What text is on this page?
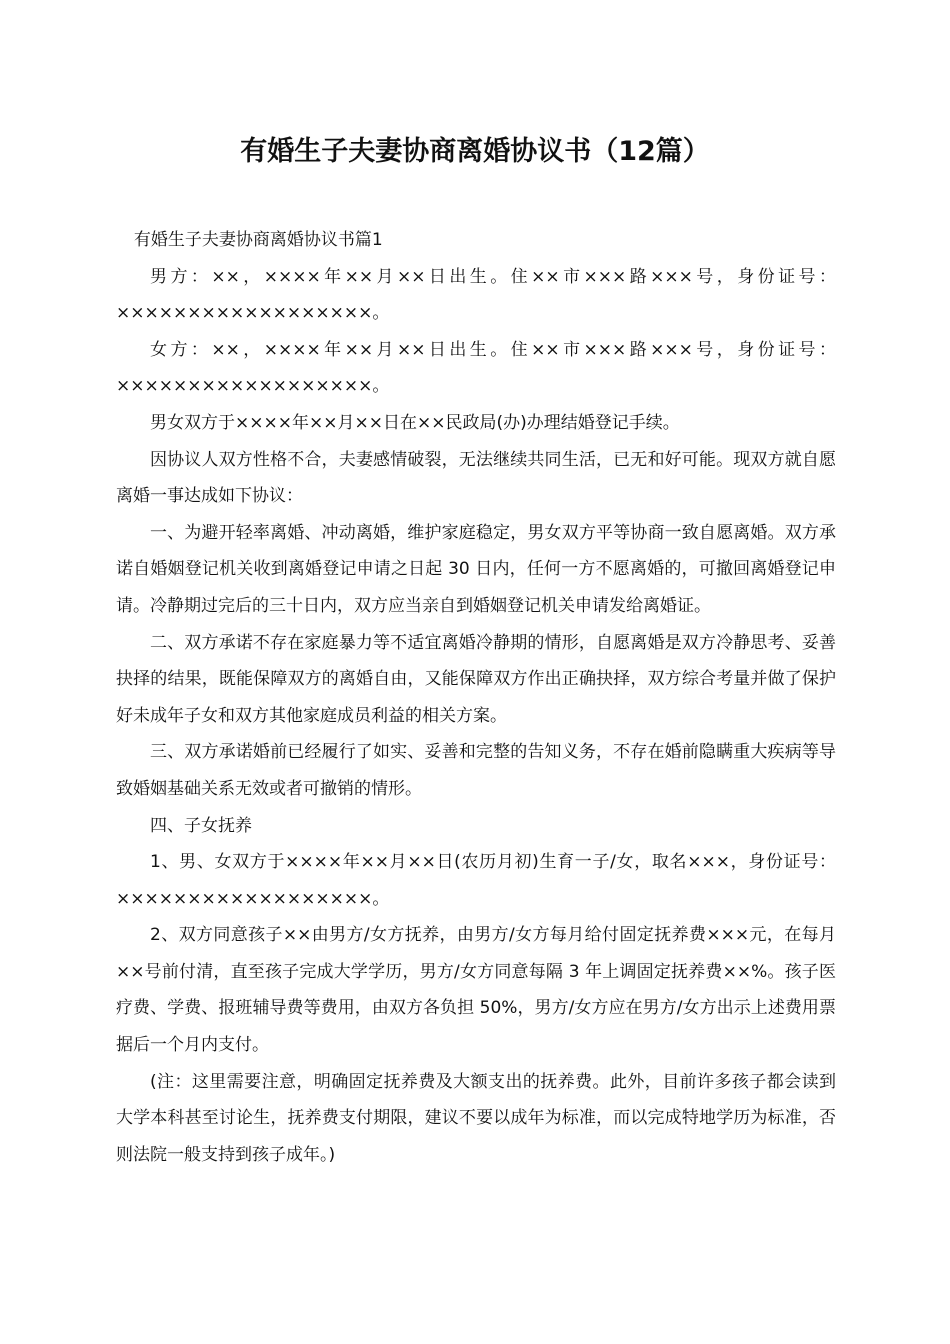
有婚生子夫妻协商离婚协议书（12篇）

有婚生子夫妻协商离婚协议书篇1

男方：××，××××年××月××日出生。住××市×××路×××号，身份证号：××××××××××××××××××。

女方：××，××××年××月××日出生。住××市×××路×××号，身份证号：××××××××××××××××××。

男女双方于××××年××月××日在××民政局(办)办理结婚登记手续。

因协议人双方性格不合，夫妻感情破裂，无法继续共同生活，已无和好可能。现双方就自愿离婚一事达成如下协议：

一、为避开轻率离婚、冲动离婚，维护家庭稳定，男女双方平等协商一致自愿离婚。双方承诺自婚姻登记机关收到离婚登记申请之日起 30 日内，任何一方不愿离婚的，可撤回离婚登记申请。冷静期过完后的三十日内，双方应当亲自到婚姻登记机关申请发给离婚证。

二、双方承诺不存在家庭暴力等不适宜离婚冷静期的情形，自愿离婚是双方冷静思考、妥善抉择的结果，既能保障双方的离婚自由，又能保障双方作出正确抉择，双方综合考量并做了保护好未成年子女和双方其他家庭成员利益的相关方案。

三、双方承诺婚前已经履行了如实、妥善和完整的告知义务，不存在婚前隐瞒重大疾病等导致婚姻基础关系无效或者可撤销的情形。

四、子女抚养

1、男、女双方于××××年××月××日(农历月初)生育一子/女，取名×××，身份证号：××××××××××××××××××。

2、双方同意孩子××由男方/女方抚养，由男方/女方每月给付固定抚养费×××元，在每月××号前付清，直至孩子完成大学学历，男方/女方同意每隔 3 年上调固定抚养费××%。孩子医疗费、学费、报班辅导费等费用，由双方各负担 50%，男方/女方应在男方/女方出示上述费用票据后一个月内支付。

(注：这里需要注意，明确固定抚养费及大额支出的抚养费。此外，目前许多孩子都会读到大学本科甚至讨论生，抚养费支付期限，建议不要以成年为标准，而以完成特地学历为标准，否则法院一般支持到孩子成年。)
